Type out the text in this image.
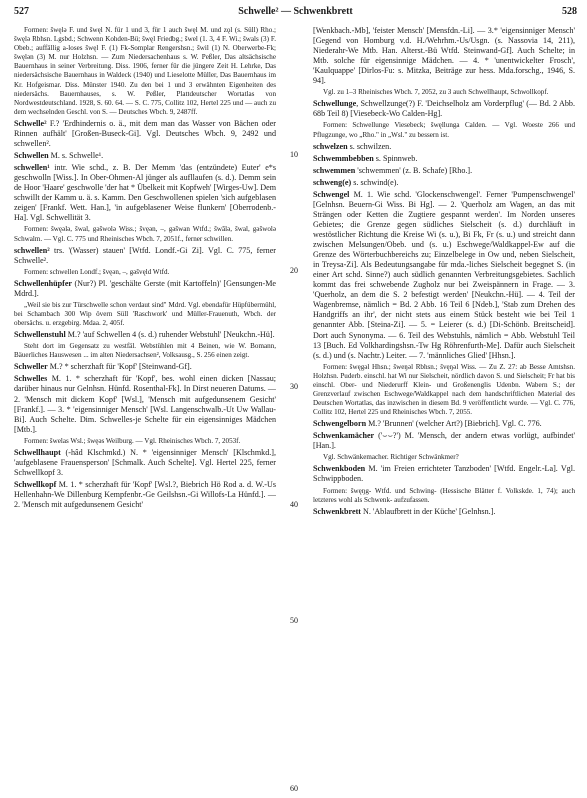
527	Schwelle² — Schwenkbrett	528

Formen: šwęlə F. und šwęl N. für 1 und 3, für 1 auch šwęl M. und zǫl (s. Süll) Rho.; šwęlə Rbhsn. Lgsbd.; Schwenn Kohden-Bü; šwęl Friedbg.; šwel (1. 3, 4 F. Wi.; šwals (3) F. Obeb.; auffällig a-loses šwęl F. (1) Fk-Somplar Rengershsn.; šwil (1) N. Oberwerbe-Fk; šwęlən (3) M. nur Holzhsn. — Zum Niedersachenhaus s. W. Peßler, Das altsächsische Bauernhaus in seiner Verbreitung. Diss. 1906, ferner für die jüngere Zeit H. Lehrke, Das niedersächsische Bauernhaus in Waldeck (1940) und Lieselotte Müller, Das Bauernhaus im Kr. Hofgeismar. Diss. Münster 1940. Zu den bei 1 und 3 erwähnten Eigenheiten des niedersächs. Bauernhauses, s. W. Peßler, Plattdeutscher Wortatlas von Nordwestdeutschland. 1928, S. 60. 64. — S. C. 775, Collitz 102, Hertel 225 und — auch zu dem wechselnden Geschl. von S. — Deutsches Wbch. 9, 2487ff.

Schwelle² F.? 'Erdhindernis o. ä., mit dem man das Wasser von Bächen oder Rinnen aufhält' [Großen-Buseck-Gi]. Vgl. Deutsches Wbch. 9, 2492 und schwellen².

Schwellen M. s. Schwelle¹.

schwellen¹ intr. Wie schd., z. B. Der Memm 'das (entzündete) Euter' e*s geschwolln [Wiss.]. In Ober-Ohmen-Al jünger als aufllaufen (s. d.). Demm sein de Hoor 'Haare' geschwolle 'der hat * Übelkeit mit Kopfweh' [Wirges-Uw]. Dem schwillt der Kamm u. ä. s. Kamm. Den Geschwollenen spielen 'sich aufgeblasen zeigen' [Frankf. Wett. Han.], 'in aufgeblasener Weise flunkern' [Oberrodenb.-Ha]. Vgl. Schwellität 3.

Formen: šwęələ, šwal, gəšwolə Wiss.; švęən, –, gəšwan Wtfd.; šwālə, šwal, gəšwolə Schwalm. — Vgl. C. 775 und Rheinisches Wbch. 7, 2051f., ferner schwillen.

schwellen² trs. '(Wasser) stauen' [Wtfd. Londf.-Gi Zi]. Vgl. C. 775, ferner Schwelle².

Formen: schwellen Londf.; švęən, –, gəšvęld Wtfd.

Schwellenhüpfer (Nur?) Pl. 'geschälte Gerste (mit Kartoffeln)' [Gensungen-Me Mdrd.].

„Weil sie bis zur Türschwelle schon verdaut sind" Mdrd. Vgl. ebendafür Hüpfübermühl, bei Schambach 300 Wip övern Süll 'Raschwork' und Müller-Frauenuth, Wbch. der obersächs. u. erzgebirg. Mdaa. 2, 405f.

Schwellenstuhl M.? 'auf Schwellen 4 (s. d.) ruhender Webstuhl' [Neukchn.-Hü].

Steht dort im Gegensatz zu westfäl. Webstühlen mit 4 Beinen, wie W. Bomann, Bäuerliches Hauswesen ... im alten Niedersachsen², Volksausg., S. 256 einen zeigt.

Schweller M.? * scherzhaft für 'Kopf' [Steinwand-Gf].

Schwelles M. 1. * scherzhaft für 'Kopf', bes. wohl einen dicken [Nassau; darüber hinaus nur Gelnhsn. Hünfd. Rosenthal-Fk]. In Dirst neueren Datums. — 2. 'Mensch mit dickem Kopf' [Wsl.], 'Mensch mit aufgedunsenem Gesicht' [Frankf.]. — 3. * 'eigensinniger Mensch' [Wsl. Langenschwalb.-Ut Uw Wallau-Bi]. Auch Schelte. Dim. Schwelles-je Schelte für ein eigensinniges Mädchen [Mtb.].

Formen: šwelas Wsl.; šwęəs Weilburg. — Vgl. Rheinisches Wbch. 7, 2053f.

Schwellhaupt (-hâd Klschmkd.) N. * 'eigensinniger Mensch' [Klschmkd.], 'aufgeblasene Frauensperson' [Schmalk. Auch Schelte]. Vgl. Hertel 225, ferner Schwellkopf 3.

Schwellkopf M. 1. * scherzhaft für 'Kopf' [Wsl.?, Biebrich Hö Rod a. d. W.-Us Hellenhahn-We Dillenburg Kempfenbr.-Ge Geilshsn.-Gi Willofs-La Hünfd.]. — 2. 'Mensch mit aufgedunsenem Gesicht'

10
20
30
40
50
60

[Wenkbach.-Mb], 'feister Mensch' [Mensfdn.-Li]. — 3.* 'eigensinniger Mensch' [Gegend von Homburg v.d. H./Wehrhm.-Us/Usgn. (s. Nassovia 14, 211), Niederahr-We Mtb. Han. Alterst.-Bü Wtfd. Steinwand-Gf]. Auch Schelte; in Mtb. solche für eigensinnige Mädchen. — 4. * 'unentwickelter Frosch', 'Kaulquappe' [Dirlos-Fu: s. Mitzka, Beiträge zur hess. Mda.forschg., 1946, S. 94].

Vgl. zu 1–3 Rheinisches Wbch. 7, 2052, zu 3 auch Schwellhaupt, Schwollkopf.

Schwellunge, Schwellzunge(?) F. 'Deichselholz am Vorderpflug' (— Bd. 2 Abb. 68b Teil 8) [Viesebeck-Wo Calden-Hg].

Formen: Schwellunge Viesebeck; šwęllunga Calden. — Vgl. Woeste 266 und Pflugzunge, wo „Rho." in „Wsl." zu bessern ist.

schwelzen s. schwilzen.

Schwemmbebben s. Spinnweb.

schwemmen 'schwemmen' (z. B. Schafe) [Rho.].

schweng(e) s. schwind(e).

Schwengel M. 1. Wie schd. 'Glockenschwengel'. Ferner 'Pumpenschwengel' [Gelnhsn. Beuern-Gi Wiss. Bi Hg]. — 2. 'Querholz am Wagen, an das mit Strängen oder Ketten die Zugtiere gespannt werden'. Im Norden unseres Gebietes; die Grenze gegen südliches Sielscheit (s. d.) durchläuft in westöstlicher Richtung die Kreise Wi (s. u.), Bi Fk, Fr (s. u.) und streicht dann zwischen Melsungen/Obeb. und (s. u.) Eschwege/Waldkappel-Ew auf die Grenze des Wörterbuchbereichs zu; Einzelbelege in Ow und, neben Sielscheit, in Treysa-Zi]. Als Bedeutungsangabe für mda.-liches Sielscheit begegnet S. (in einer Art schd. Sinne?) auch südlich genannten Verbreitungsgebietes. Sachlich kommt das frei schwebende Zugholz nur bei Zweispännern in Frage. — 3. 'Querholz, an dem die S. 2 befestigt werden' [Neukchn.-Hü]. — 4. Teil der Wagenbremse, nämlich = Bd. 2 Abb. 16 Teil 6 [Ndeb.], 'Stab zum Drehen des Handgriffs an ihr', der nicht stets aus einem Stück besteht wie bei Teil 1 genannter Abb. [Steina-Zi]. — 5. = Leierer (s. d.) [Di-Schönb. Breitscheid]. Dort auch Synonyma. — 6. Teil des Webstuhls, nämlich = Abb. Webstuhl Teil 13 [Buch. Ed Volkhardingshsn.-Tw Hg Röhrenfurth-Me]. Dafür auch Sielscheit (s. d.) und (s. Nachtr.) Leiter. — 7. 'männliches Glied' [Hhsn.].

Formen: šwęgəl Hhsn.; šweŋəl Rbhsn.; švęŋəl Wiss. — Zu Z. 27: ab Besse Amtshsn. Holzhsn. Puderb. einschl. hat Wi nur Sielscheit, nördlich davon S. und Sielscheit; Fr hat bis einschl. Ober- und Niederurff Klein- und Großenenglis Udenbn. Wabern S.; der Grenzverlauf zwischen Eschwege/Waldkappel nach dem handschriftlichen Material des Deutschen Wortatlas, das inzwischen in diesem Bd. 9 veröffentlicht wurde. — Vgl. C. 776, Collitz 102, Hertel 225 und Rheinisches Wbch. 7, 2055.

Schwengelborn M.? 'Brunnen' (welcher Art?) [Biebrich]. Vgl. C. 776.

Schwenkamächer ('⌣⌣?') M. 'Mensch, der andern etwas vorlügt, aufbindet' [Han.].

Vgl. Schwänkemacher. Richtiger Schwänkmer?

Schwenkboden M. 'im Freien errichteter Tanzboden' [Wtfd. Engelr.-La]. Vgl. Schwippboden.

Formen: šwęŋg- Wtfd. und Schwing- (Hessische Blätter f. Volkskde. 1, 74); auch letzteres wohl als Schwenk- aufzufassen.

Schwenkbrett N. 'Ablaufbrett in der Küche' [Gelnhsn.].
